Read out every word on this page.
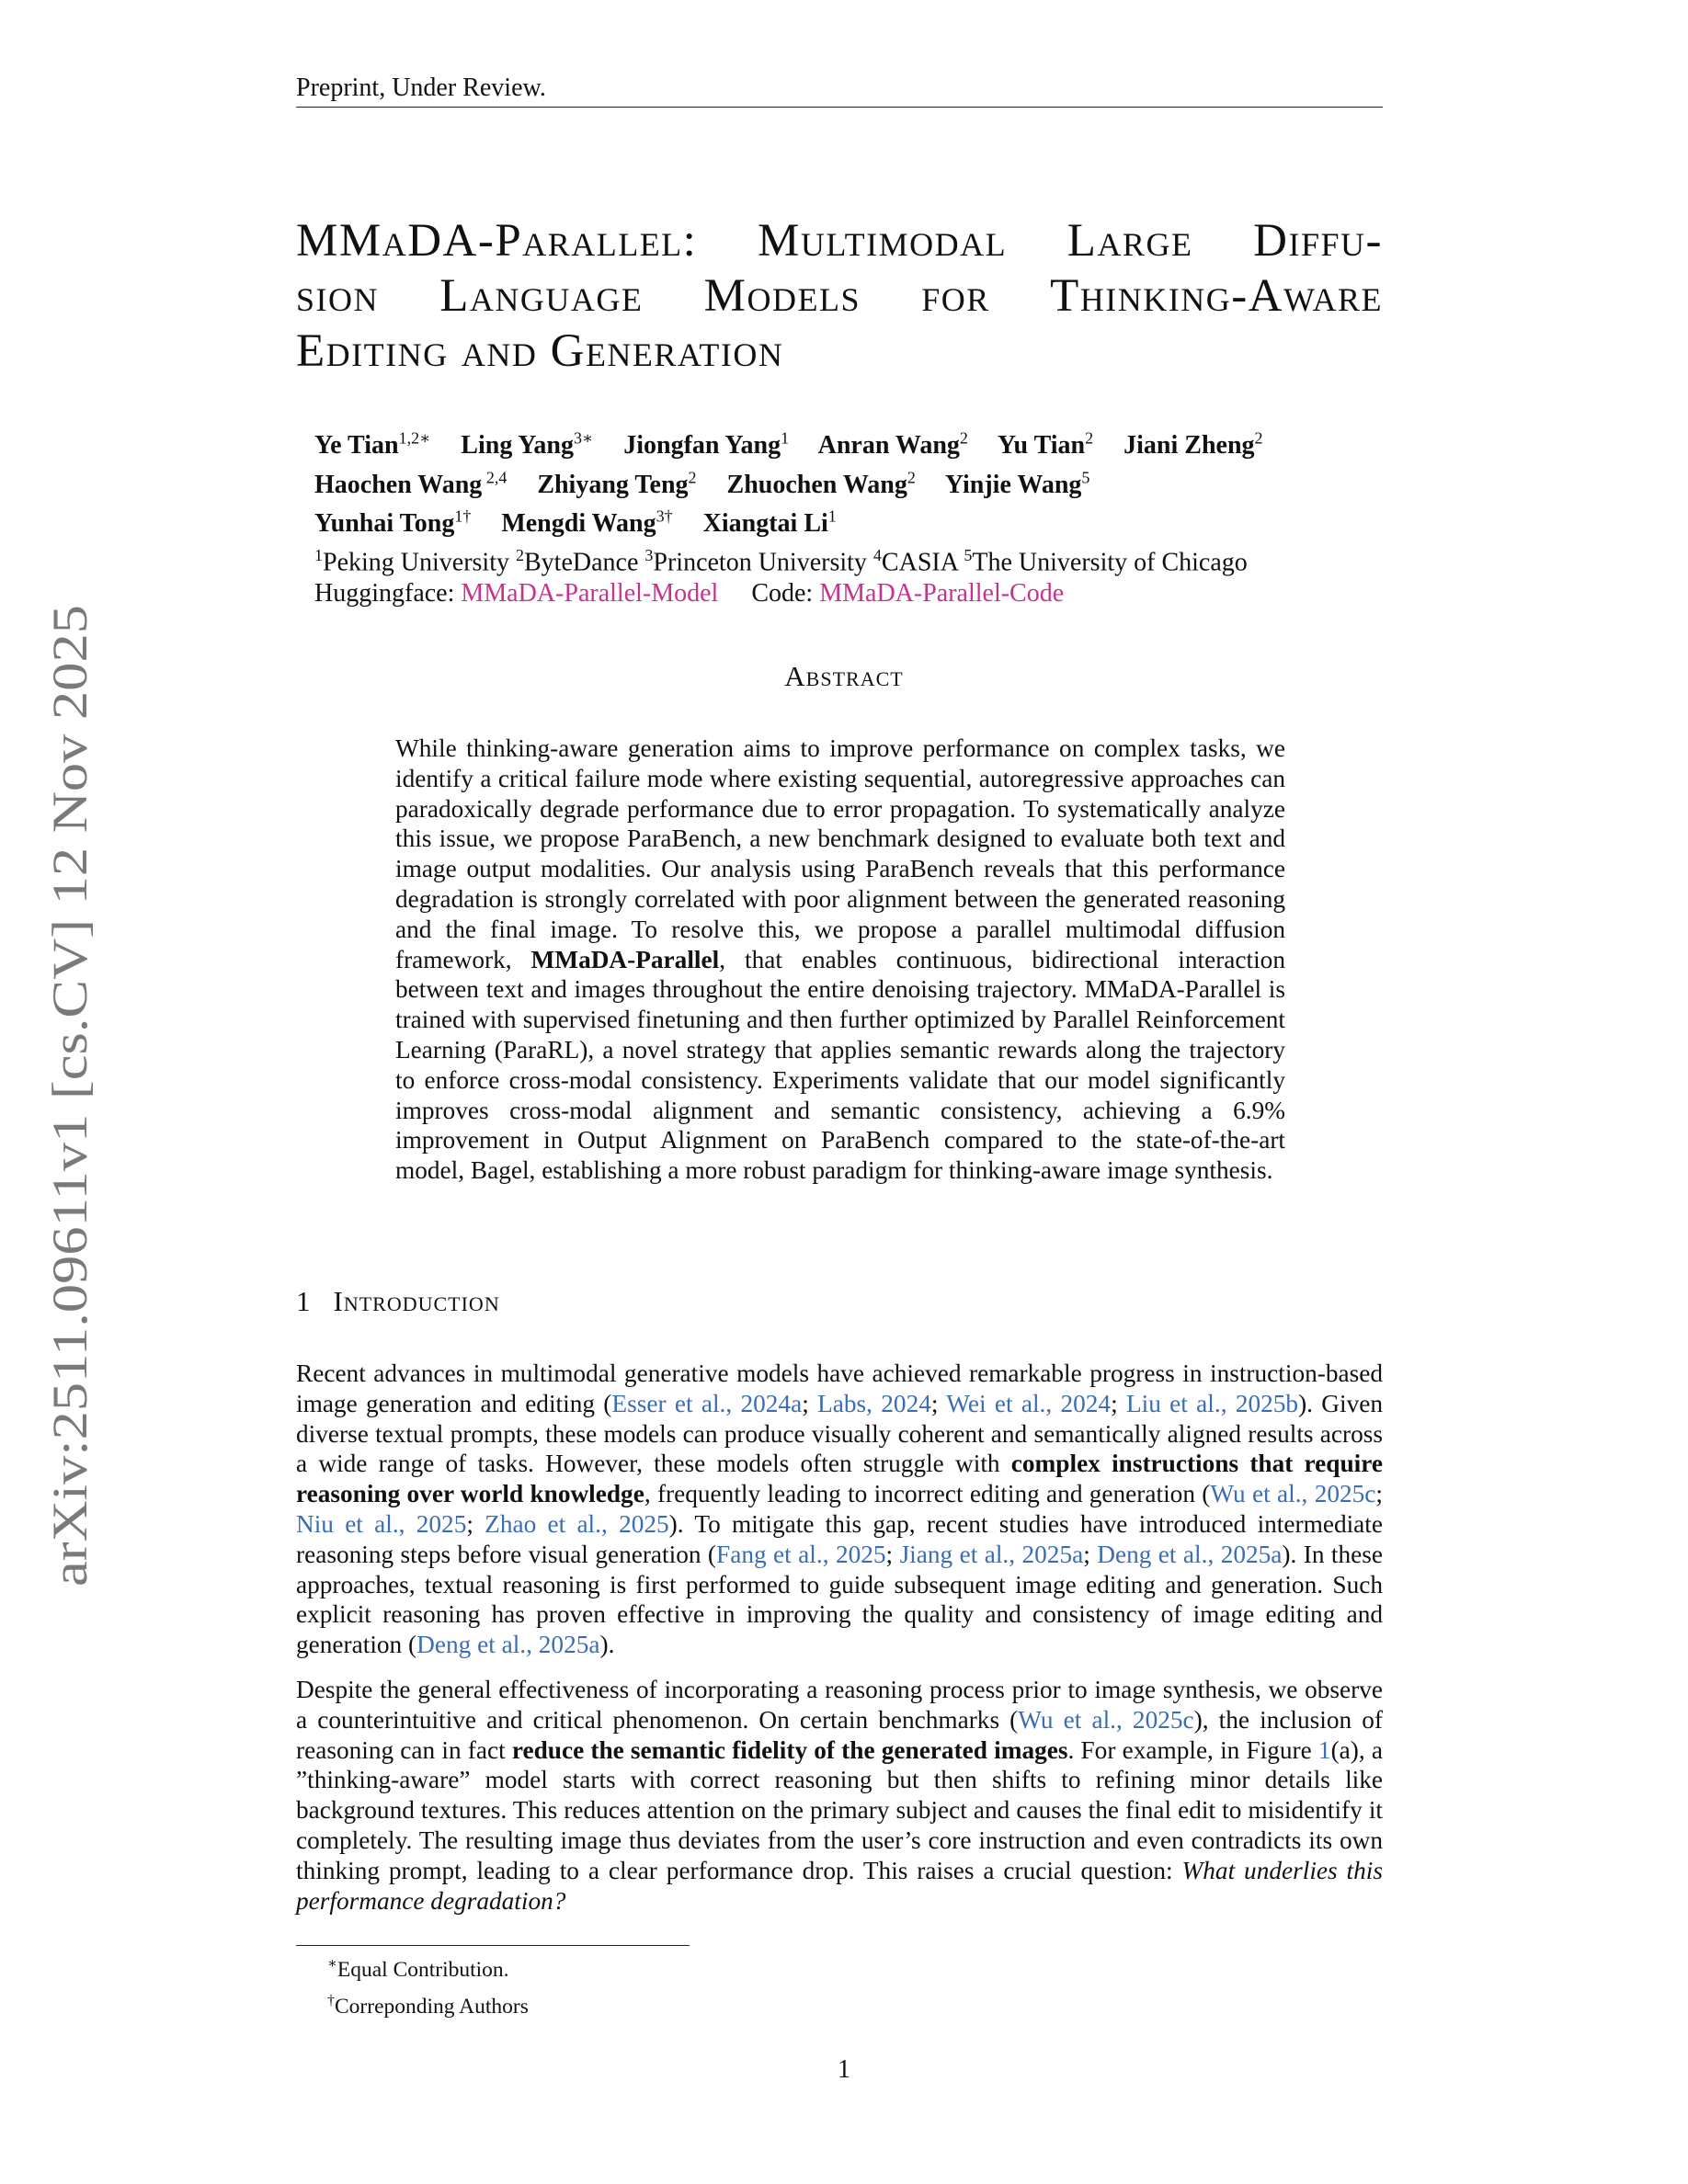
Preprint, Under Review.
arXiv:2511.09611v1 [cs.CV] 12 Nov 2025
MMaDA-Parallel: Multimodal Large Diffu-
sion Language Models for Thinking-Aware
Editing and Generation
Ye Tian$^{1,2∗}$ Ling Yang$^{3∗}$ Jiongfan Yang$^1$ Anran Wang$^2$ Yu Tian$^2$ Jiani Zheng$^2$
Haochen Wang $^{2,4}$ Zhiyang Teng$^2$ Zhuochen Wang$^2$ Yinjie Wang$^5$
Yunhai Tong$^{1\dagger}$ Mengdi Wang$^{3\dagger}$ Xiangtai Li$^1$
$^1$Peking University $^2$ByteDance $^3$Princeton University $^4$CASIA $^5$The University of Chicago
Huggingface: MMaDA-Parallel-Model Code: MMaDA-Parallel-Code
Abstract

While thinking-aware generation aims to improve performance on complex tasks, we identify a critical failure mode where existing sequential, autoregressive approaches can paradoxically degrade performance due to error propagation. To systematically analyze this issue, we propose ParaBench, a new benchmark designed to evaluate both text and image output modalities. Our analysis using ParaBench reveals that this performance degradation is strongly correlated with poor alignment between the generated reasoning and the final image. To resolve this, we propose a parallel multimodal diffusion framework, MMaDA-Parallel, that enables continuous, bidirectional interaction between text and images throughout the entire denoising trajectory. MMaDA-Parallel is trained with supervised finetuning and then further optimized by Parallel Reinforcement Learning (ParaRL), a novel strategy that applies semantic rewards along the trajectory to enforce cross-modal consistency. Experiments validate that our model significantly improves cross-modal alignment and semantic consistency, achieving a 6.9% improvement in Output Alignment on ParaBench compared to the state-of-the-art model, Bagel, establishing a more robust paradigm for thinking-aware image synthesis.

1 Introduction

Recent advances in multimodal generative models have achieved remarkable progress in instruction-based image generation and editing (Esser et al., 2024a; Labs, 2024; Wei et al., 2024; Liu et al., 2025b). Given diverse textual prompts, these models can produce visually coherent and semantically aligned results across a wide range of tasks. However, these models often struggle with complex instructions that require reasoning over world knowledge, frequently leading to incorrect editing and generation (Wu et al., 2025c; Niu et al., 2025; Zhao et al., 2025). To mitigate this gap, recent studies have introduced intermediate reasoning steps before visual generation (Fang et al., 2025; Jiang et al., 2025a; Deng et al., 2025a). In these approaches, textual reasoning is first performed to guide subsequent image editing and generation. Such explicit reasoning has proven effective in improving the quality and consistency of image editing and generation (Deng et al., 2025a).

Despite the general effectiveness of incorporating a reasoning process prior to image synthesis, we observe a counterintuitive and critical phenomenon. On certain benchmarks (Wu et al., 2025c), the inclusion of reasoning can in fact reduce the semantic fidelity of the generated images. For example, in Figure 1(a), a ”thinking-aware” model starts with correct reasoning but then shifts to refining minor details like background textures. This reduces attention on the primary subject and causes the final edit to misidentify it completely. The resulting image thus deviates from the user’s core instruction and even contradicts its own thinking prompt, leading to a clear performance drop. This raises a crucial question: What underlies this performance degradation?

∗Equal Contribution.
†Correponding Authors
1
